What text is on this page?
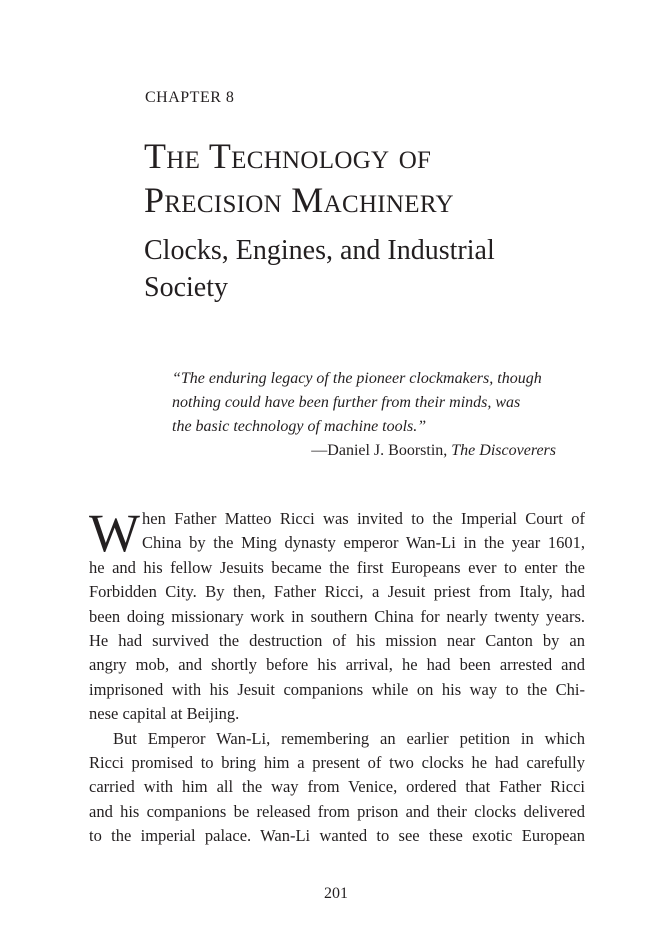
CHAPTER 8
The Technology of
Precision Machinery
Clocks, Engines, and Industrial
Society
“The enduring legacy of the pioneer clockmakers, though
nothing could have been further from their minds, was
the basic technology of machine tools.”
—Daniel J. Boorstin, The Discoverers
W hen Father Matteo Ricci was invited to the Imperial Court of
China by the Ming dynasty emperor Wan-Li in the year 1601,
he and his fellow Jesuits became the first Europeans ever to enter the
Forbidden City. By then, Father Ricci, a Jesuit priest from Italy, had
been doing missionary work in southern China for nearly twenty years.
He had survived the destruction of his mission near Canton by an
angry mob, and shortly before his arrival, he had been arrested and
imprisoned with his Jesuit companions while on his way to the Chi-
nese capital at Beijing.
But Emperor Wan-Li, remembering an earlier petition in which
Ricci promised to bring him a present of two clocks he had carefully
carried with him all the way from Venice, ordered that Father Ricci
and his companions be released from prison and their clocks delivered
to the imperial palace. Wan-Li wanted to see these exotic European
201
